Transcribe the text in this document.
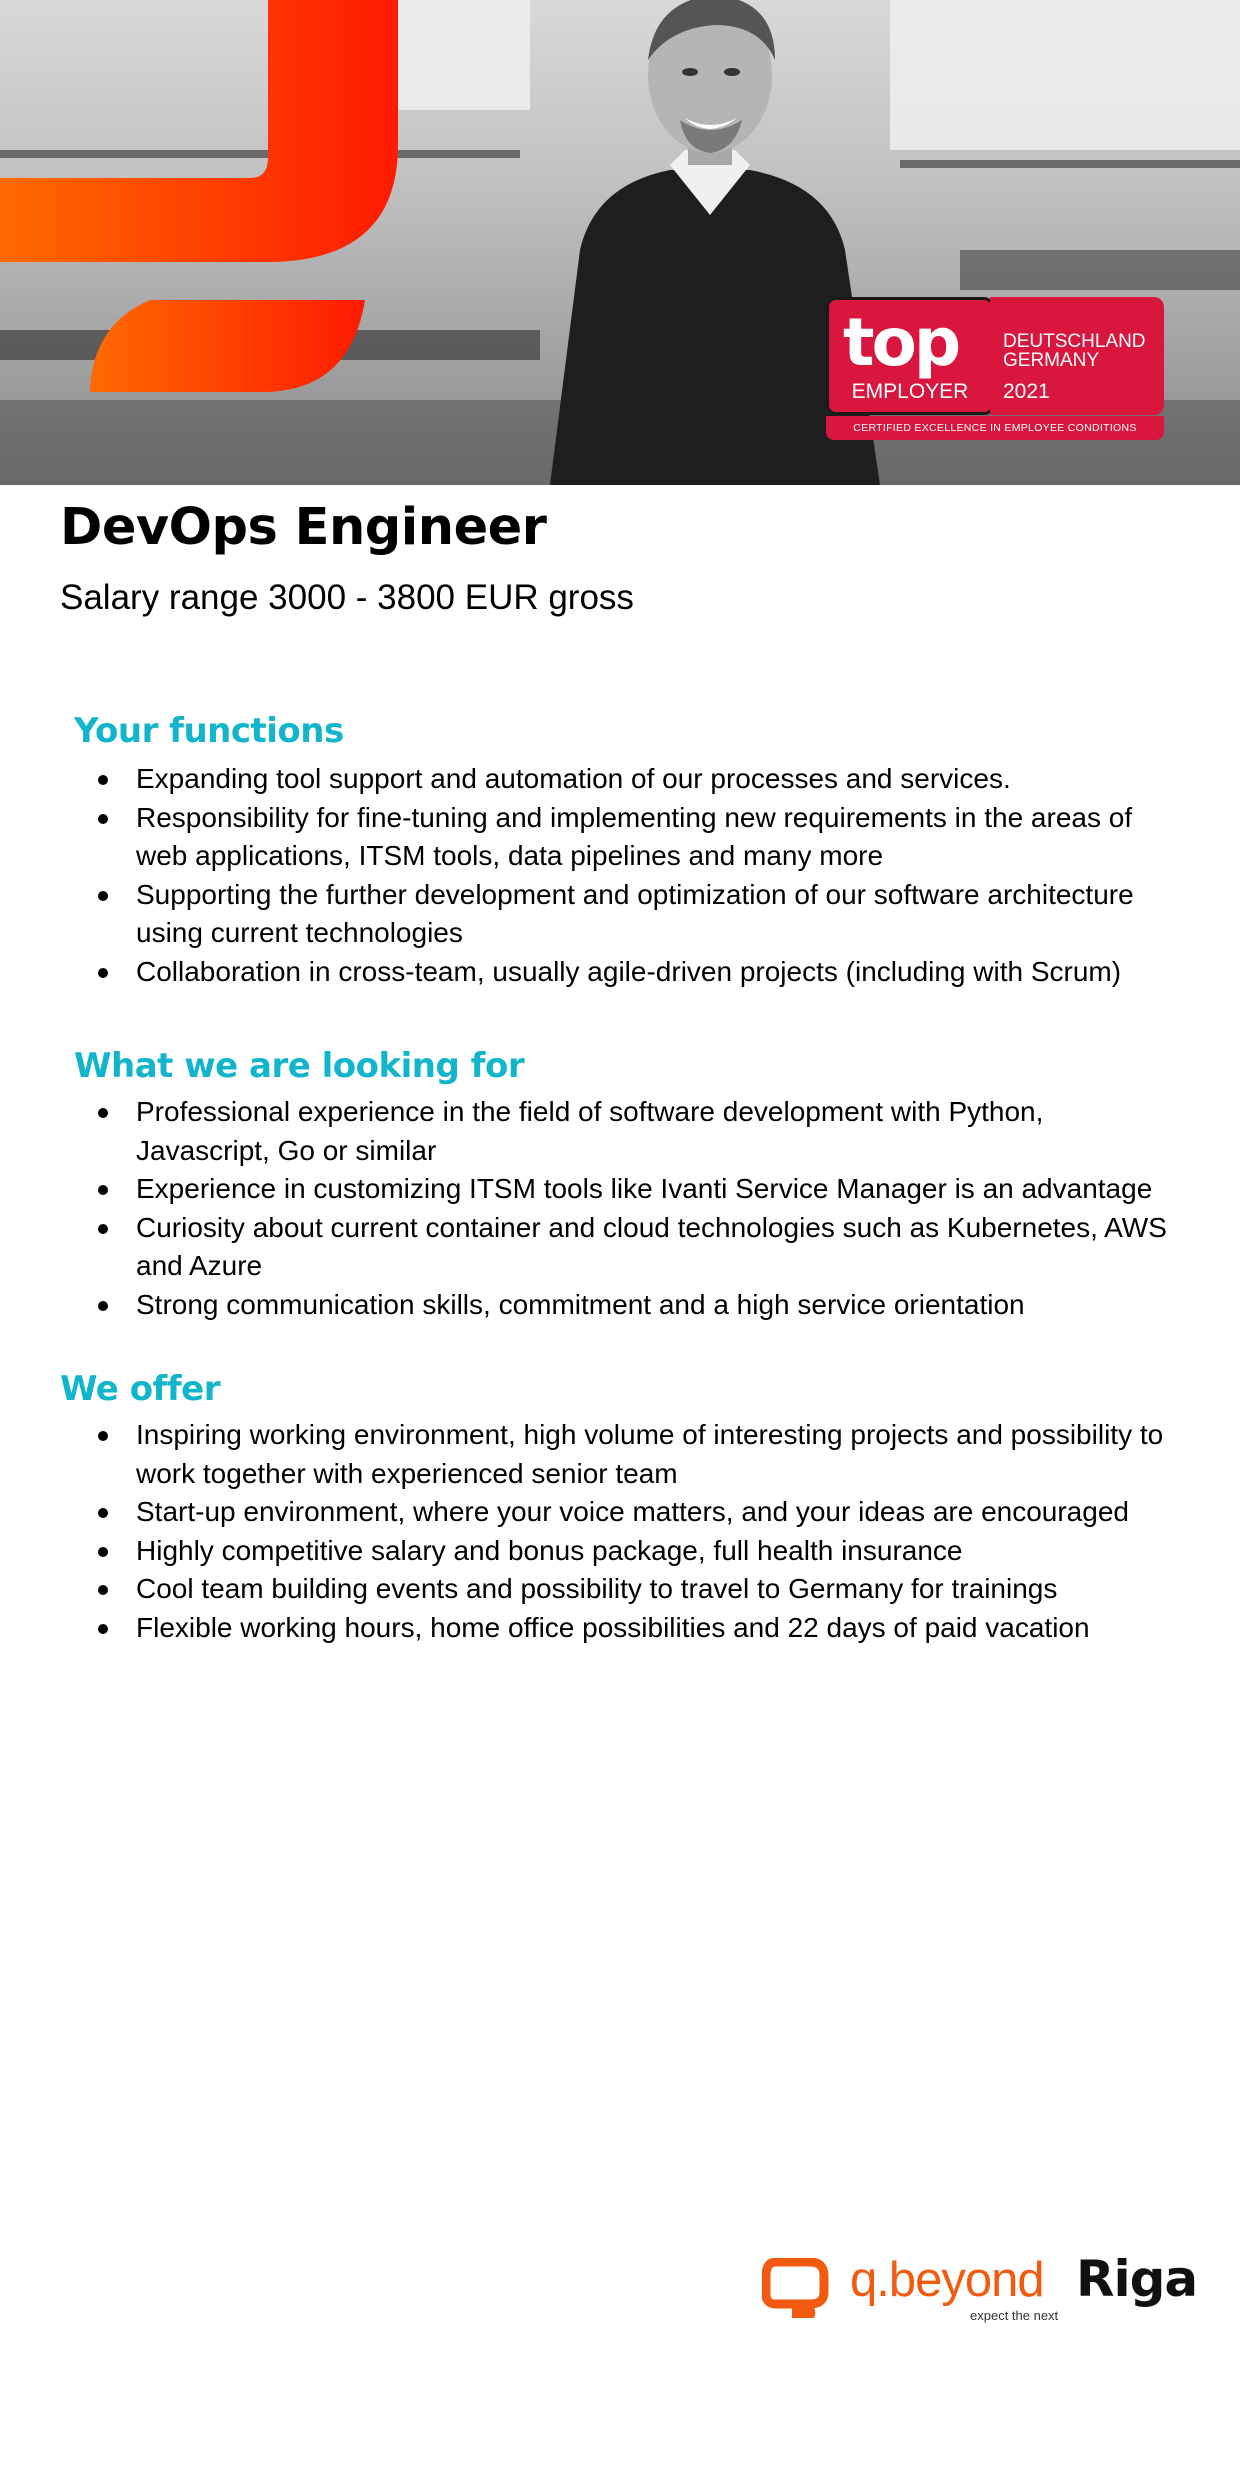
top
EMPLOYER
DEUTSCHLAND
GERMANY
2021
CERTIFIED EXCELLENCE IN EMPLOYEE CONDITIONS
DevOps Engineer

Salary range 3000 - 3800 EUR gross

Your functions
Expanding tool support and automation of our processes and services.
Responsibility for fine-tuning and implementing new requirements in the areas of web applications, ITSM tools, data pipelines and many more
Supporting the further development and optimization of our software architecture using current technologies
Collaboration in cross-team, usually agile-driven projects (including with Scrum)
What we are looking for
Professional experience in the field of software development with Python, Javascript, Go or similar
Experience in customizing ITSM tools like Ivanti Service Manager is an advantage
Curiosity about current container and cloud technologies such as Kubernetes, AWS and Azure
Strong communication skills, commitment and a high service orientation
We offer
Inspiring working environment, high volume of interesting projects and possibility to work together with experienced senior team
Start-up environment, where your voice matters, and your ideas are encouraged
Highly competitive salary and bonus package, full health insurance
Cool team building events and possibility to travel to Germany for trainings
Flexible working hours, home office possibilities and 22 days of paid vacation
q.beyond
expect the next
Riga
